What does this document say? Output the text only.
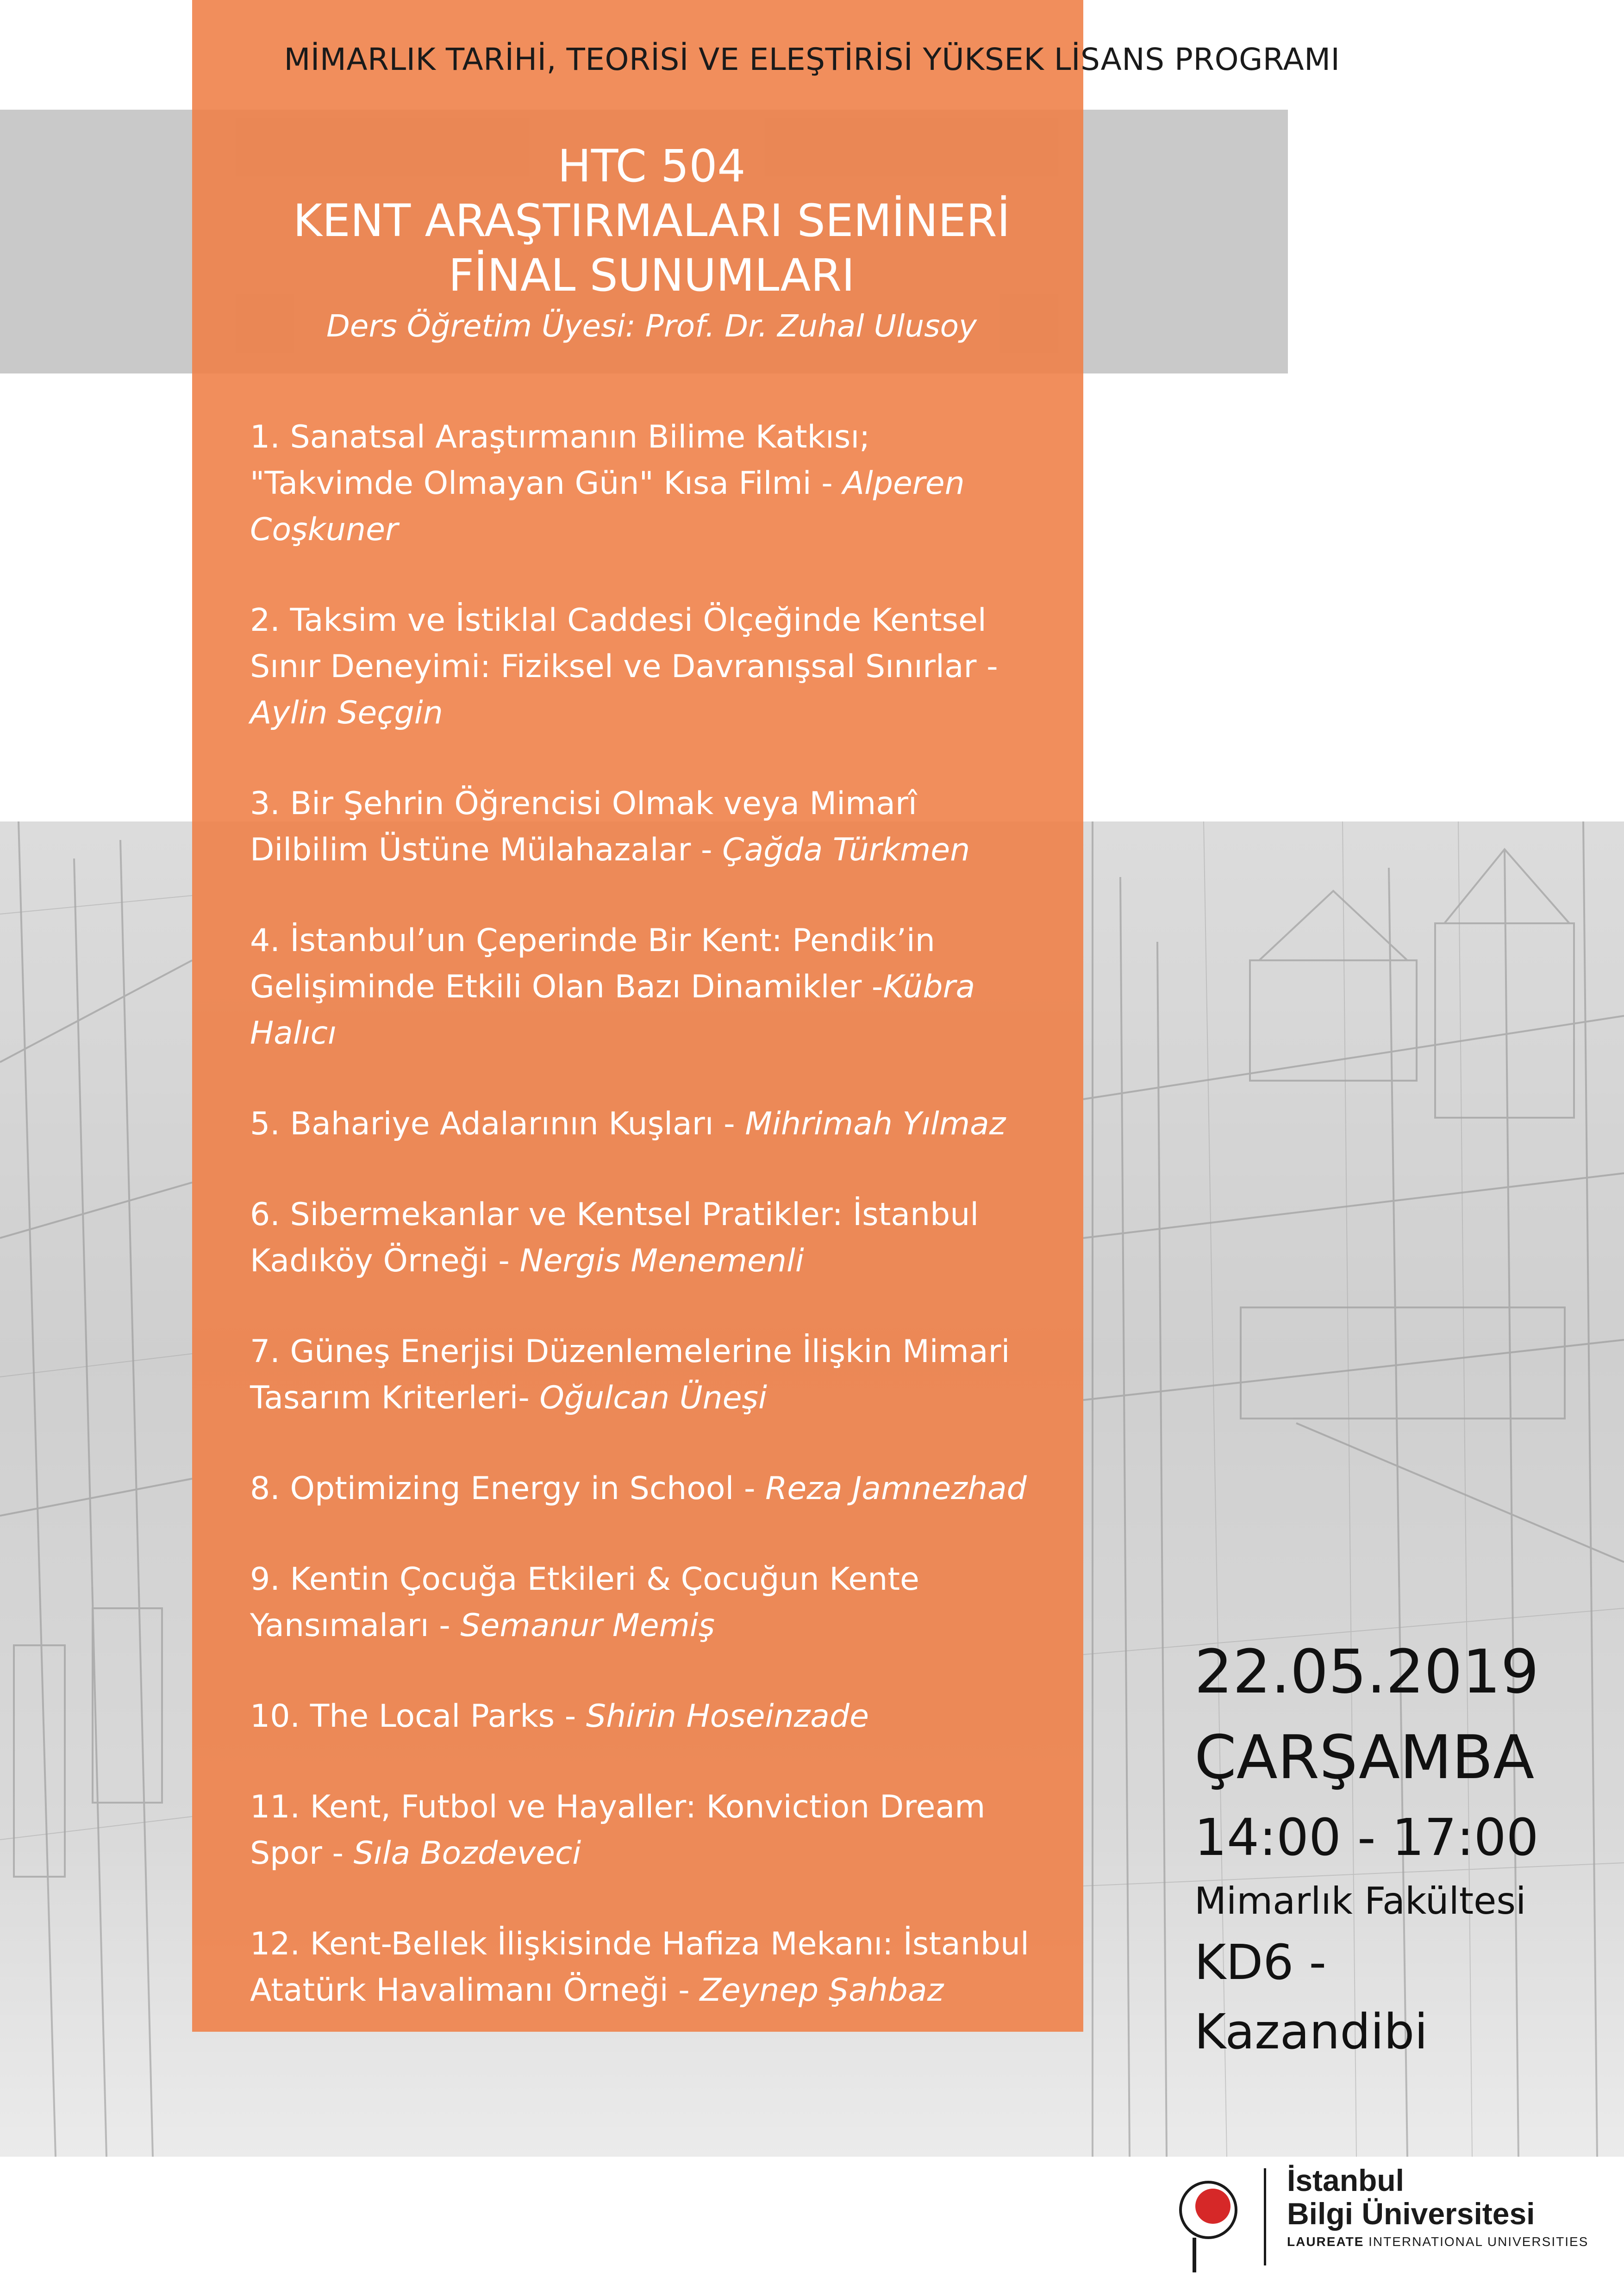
MİMARLIK TARİHİ, TEORİSİ VE ELEŞTİRİSİ YÜKSEK LİSANS PROGRAMI
HTC 504
KENT ARAŞTIRMALARI SEMİNERİ
FİNAL SUNUMLARI
Ders Öğretim Üyesi: Prof. Dr. Zuhal Ulusoy
1. Sanatsal Araştırmanın Bilime Katkısı; "Takvimde Olmayan Gün" Kısa Filmi - Alperen Coşkuner
2. Taksim ve İstiklal Caddesi Ölçeğinde Kentsel Sınır Deneyimi: Fiziksel ve Davranışsal Sınırlar - Aylin Seçgin
3. Bir Şehrin Öğrencisi Olmak veya Mimarî Dilbilim Üstüne Mülahazalar - Çağda Türkmen
4. İstanbul’un Çeperinde Bir Kent: Pendik’in Gelişiminde Etkili Olan Bazı Dinamikler -Kübra Halıcı
5. Bahariye Adalarının Kuşları - Mihrimah Yılmaz
6. Sibermekanlar ve Kentsel Pratikler: İstanbul Kadıköy Örneği - Nergis Menemenli
7. Güneş Enerjisi Düzenlemelerine İlişkin Mimari Tasarım Kriterleri- Oğulcan Üneşi
8. Optimizing Energy in School - Reza Jamnezhad
9. Kentin Çocuğa Etkileri & Çocuğun Kente Yansımaları - Semanur Memiş
10. The Local Parks - Shirin Hoseinzade
11. Kent, Futbol ve Hayaller: Konviction Dream Spor - Sıla Bozdeveci
12. Kent-Bellek İlişkisinde Hafiza Mekanı: İstanbul Atatürk Havalimanı Örneği - Zeynep Şahbaz
22.05.2019
ÇARŞAMBA
14:00 - 17:00
Mimarlık Fakültesi
KD6 - Kazandibi
İstanbul
Bilgi Üniversitesi
LAUREATE INTERNATIONAL UNIVERSITIES
